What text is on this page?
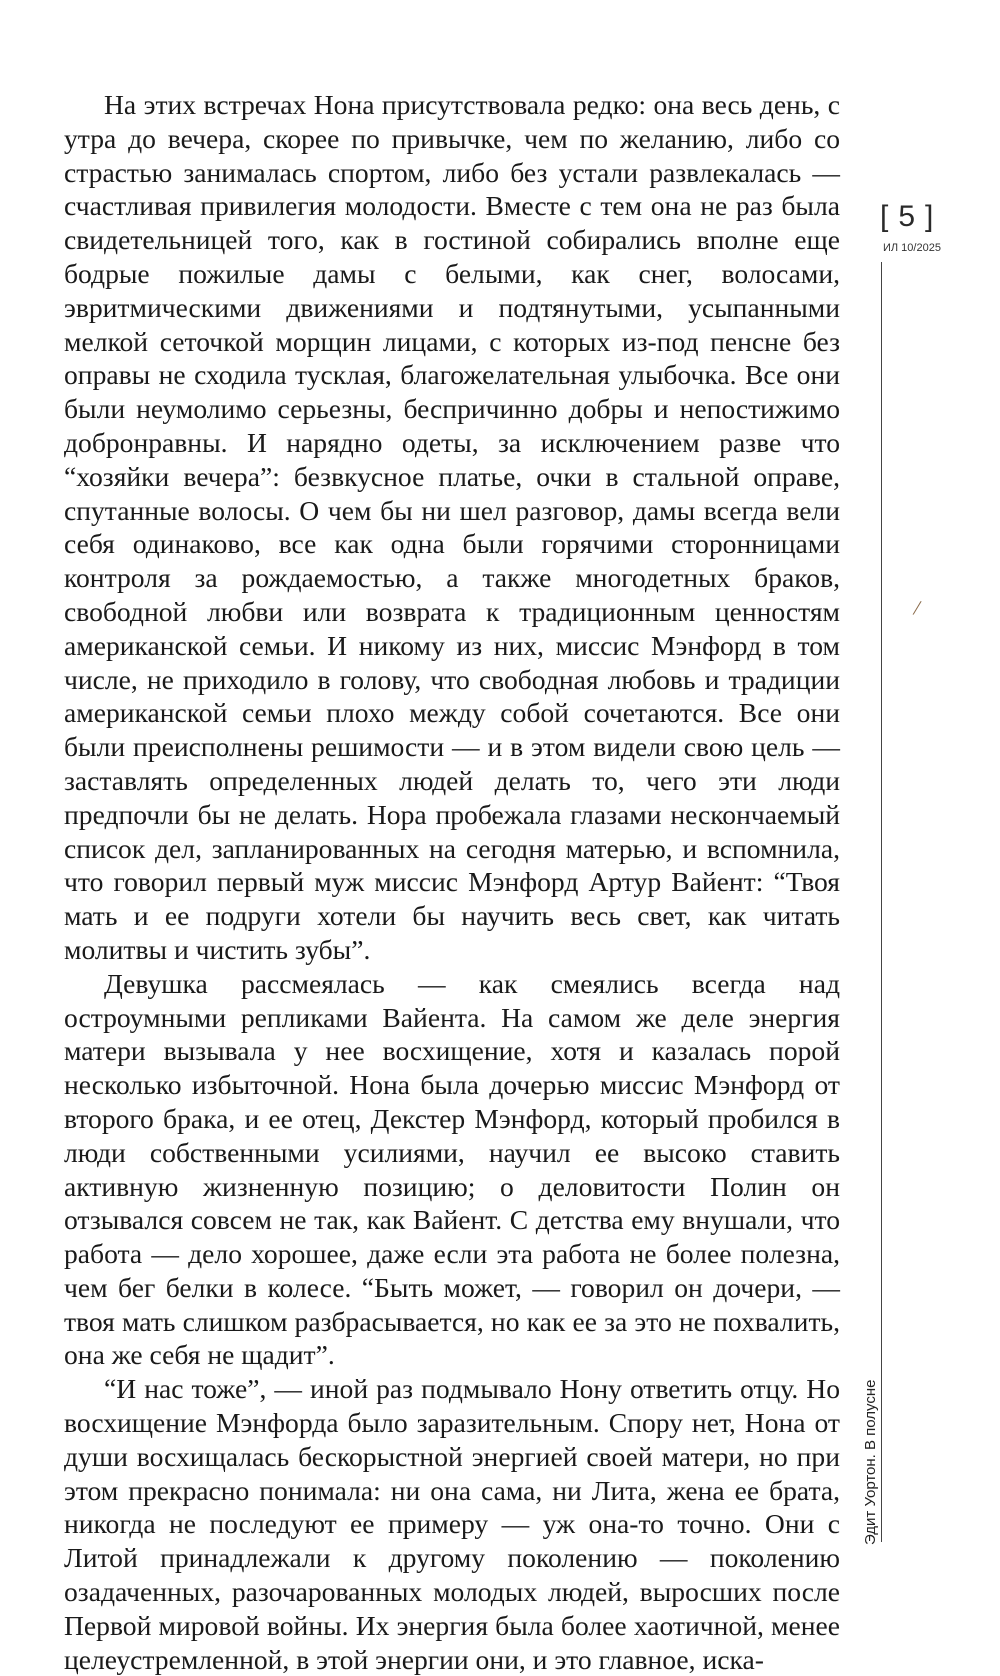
На этих встречах Нона присутствовала редко: она весь день, с утра до вечера, скорее по привычке, чем по желанию, либо со страстью занималась спортом, либо без устали развлекалась — счастливая привилегия молодости. Вместе с тем она не раз была свидетельницей того, как в гостиной собирались вполне еще бодрые пожилые дамы с белыми, как снег, волосами, эвритмическими движениями и подтянутыми, усыпанными мелкой сеточкой морщин лицами, с которых из-под пенсне без оправы не сходила тусклая, благожелательная улыбочка. Все они были неумолимо серьезны, беспричинно добры и непостижимо добронравны. И нарядно одеты, за исключением разве что “хозяйки вечера”: безвкусное платье, очки в стальной оправе, спутанные волосы. О чем бы ни шел разговор, дамы всегда вели себя одинаково, все как одна были горячими сторонницами контроля за рождаемостью, а также многодетных браков, свободной любви или возврата к традиционным ценностям американской семьи. И никому из них, миссис Мэнфорд в том числе, не приходило в голову, что свободная любовь и традиции американской семьи плохо между собой сочетаются. Все они были преисполнены решимости — и в этом видели свою цель — заставлять определенных людей делать то, чего эти люди предпочли бы не делать. Нора пробежала глазами нескончаемый список дел, запланированных на сегодня матерью, и вспомнила, что говорил первый муж миссис Мэнфорд Артур Вайент: “Твоя мать и ее подруги хотели бы научить весь свет, как читать молитвы и чистить зубы”.

Девушка рассмеялась — как смеялись всегда над остроумными репликами Вайента. На самом же деле энергия матери вызывала у нее восхищение, хотя и казалась порой несколько избыточной. Нона была дочерью миссис Мэнфорд от второго брака, и ее отец, Декстер Мэнфорд, который пробился в люди собственными усилиями, научил ее высоко ставить активную жизненную позицию; о деловитости Полин он отзывался совсем не так, как Вайент. С детства ему внушали, что работа — дело хорошее, даже если эта работа не более полезна, чем бег белки в колесе. “Быть может, — говорил он дочери, — твоя мать слишком разбрасывается, но как ее за это не похвалить, она же себя не щадит”.

“И нас тоже”, — иной раз подмывало Нону ответить отцу. Но восхищение Мэнфорда было заразительным. Спору нет, Нона от души восхищалась бескорыстной энергией своей матери, но при этом прекрасно понимала: ни она сама, ни Лита, жена ее брата, никогда не последуют ее примеру — уж она-то точно. Они с Литой принадлежали к другому поколению — поколению озадаченных, разочарованных молодых людей, выросших после Первой мировой войны. Их энергия была более хаотичной, менее целеустремленной, в этой энергии они, и это главное, иска-

[5]
ИЛ 10/2025
/
Эдит Уортон. В полусне
